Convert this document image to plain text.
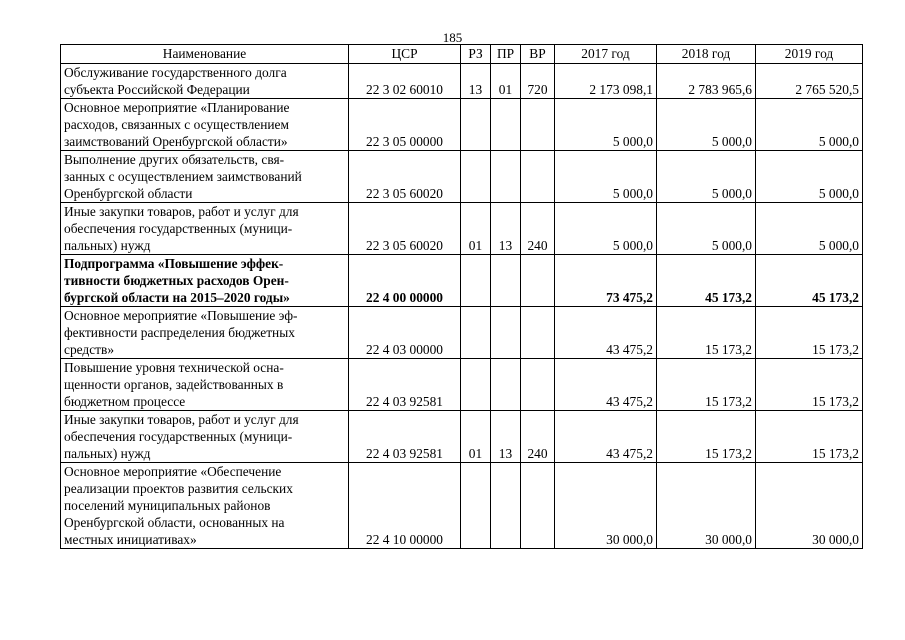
185
Наименование	ЦСР	РЗ	ПР	ВР	2017 год	2018 год	2019 год

Обслуживание государственного долга
субъекта Российской Федерации	22 3 02 60010	13	01	720	2 173 098,1	2 783 965,6	2 765 520,5

Основное мероприятие «Планирование
расходов, связанных с осуществлением
заимствований Оренбургской области»	22 3 05 00000				5 000,0	5 000,0	5 000,0

Выполнение других обязательств, свя-
занных с осуществлением заимствований
Оренбургской области	22 3 05 60020				5 000,0	5 000,0	5 000,0

Иные закупки товаров, работ и услуг для
обеспечения государственных (муници-
пальных) нужд	22 3 05 60020	01	13	240	5 000,0	5 000,0	5 000,0

Подпрограмма «Повышение эффек-
тивности бюджетных расходов Орен-
бургской области на 2015–2020 годы»	22 4 00 00000				73 475,2	45 173,2	45 173,2

Основное мероприятие «Повышение эф-
фективности распределения бюджетных
средств»	22 4 03 00000				43 475,2	15 173,2	15 173,2

Повышение уровня технической осна-
щенности органов, задействованных в
бюджетном процессе	22 4 03 92581				43 475,2	15 173,2	15 173,2

Иные закупки товаров, работ и услуг для
обеспечения государственных (муници-
пальных) нужд	22 4 03 92581	01	13	240	43 475,2	15 173,2	15 173,2

Основное мероприятие «Обеспечение
реализации проектов развития сельских
поселений муниципальных районов
Оренбургской области, основанных на
местных инициативах»	22 4 10 00000				30 000,0	30 000,0	30 000,0
